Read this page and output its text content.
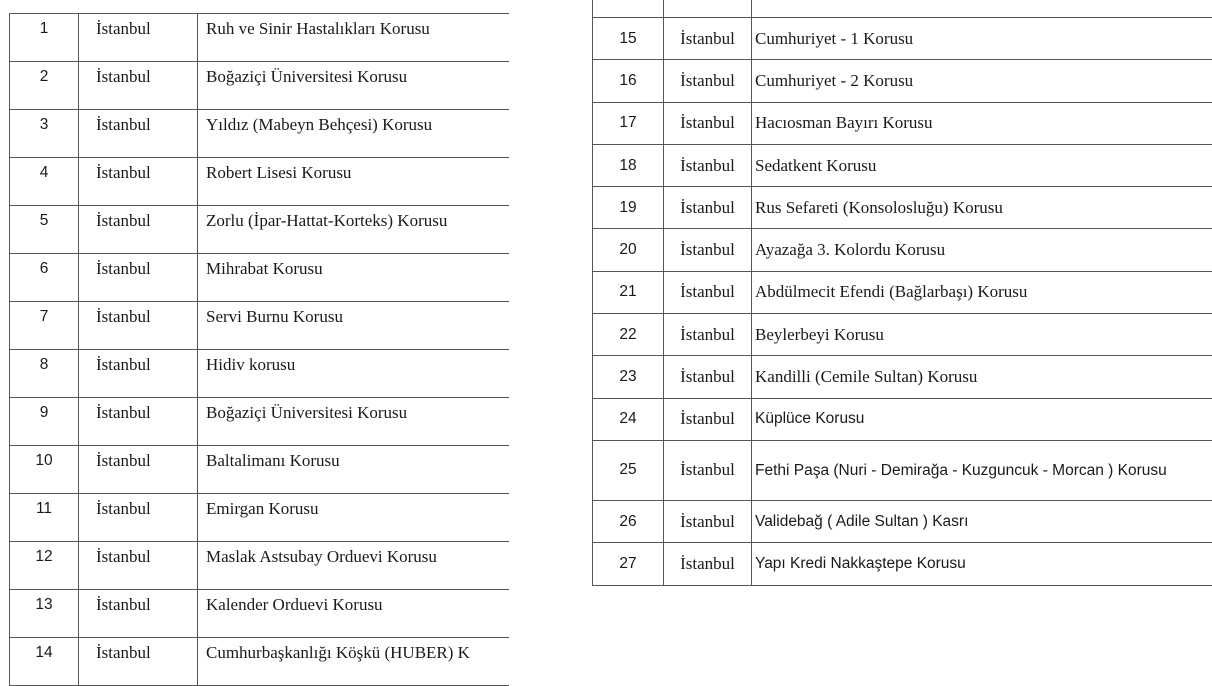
1	İstanbul	Ruh ve Sinir Hastalıkları Korusu
2	İstanbul	Boğaziçi Üniversitesi Korusu
3	İstanbul	Yıldız (Mabeyn Behçesi) Korusu
4	İstanbul	Robert Lisesi Korusu
5	İstanbul	Zorlu (İpar-Hattat-Korteks) Korusu
6	İstanbul	Mihrabat Korusu
7	İstanbul	Servi Burnu Korusu
8	İstanbul	Hidiv korusu
9	İstanbul	Boğaziçi Üniversitesi Korusu
10	İstanbul	Baltalimanı Korusu
11	İstanbul	Emirgan Korusu
12	İstanbul	Maslak Astsubay Orduevi Korusu
13	İstanbul	Kalender Orduevi Korusu
14	İstanbul	Cumhurbaşkanlığı Köşkü (HUBER) K

15	İstanbul	Cumhuriyet - 1 Korusu
16	İstanbul	Cumhuriyet - 2 Korusu
17	İstanbul	Hacıosman Bayırı Korusu
18	İstanbul	Sedatkent Korusu
19	İstanbul	Rus Sefareti (Konsolosluğu) Korusu
20	İstanbul	Ayazağa 3. Kolordu Korusu
21	İstanbul	Abdülmecit Efendi (Bağlarbaşı) Korusu
22	İstanbul	Beylerbeyi Korusu
23	İstanbul	Kandilli (Cemile Sultan) Korusu
24	İstanbul	Küplüce Korusu
25	İstanbul	Fethi Paşa (Nuri - Demirağa - Kuzguncuk - Morcan ) Korusu
26	İstanbul	Validebağ ( Adile Sultan ) Kasrı
27	İstanbul	Yapı Kredi Nakkaştepe Korusu
